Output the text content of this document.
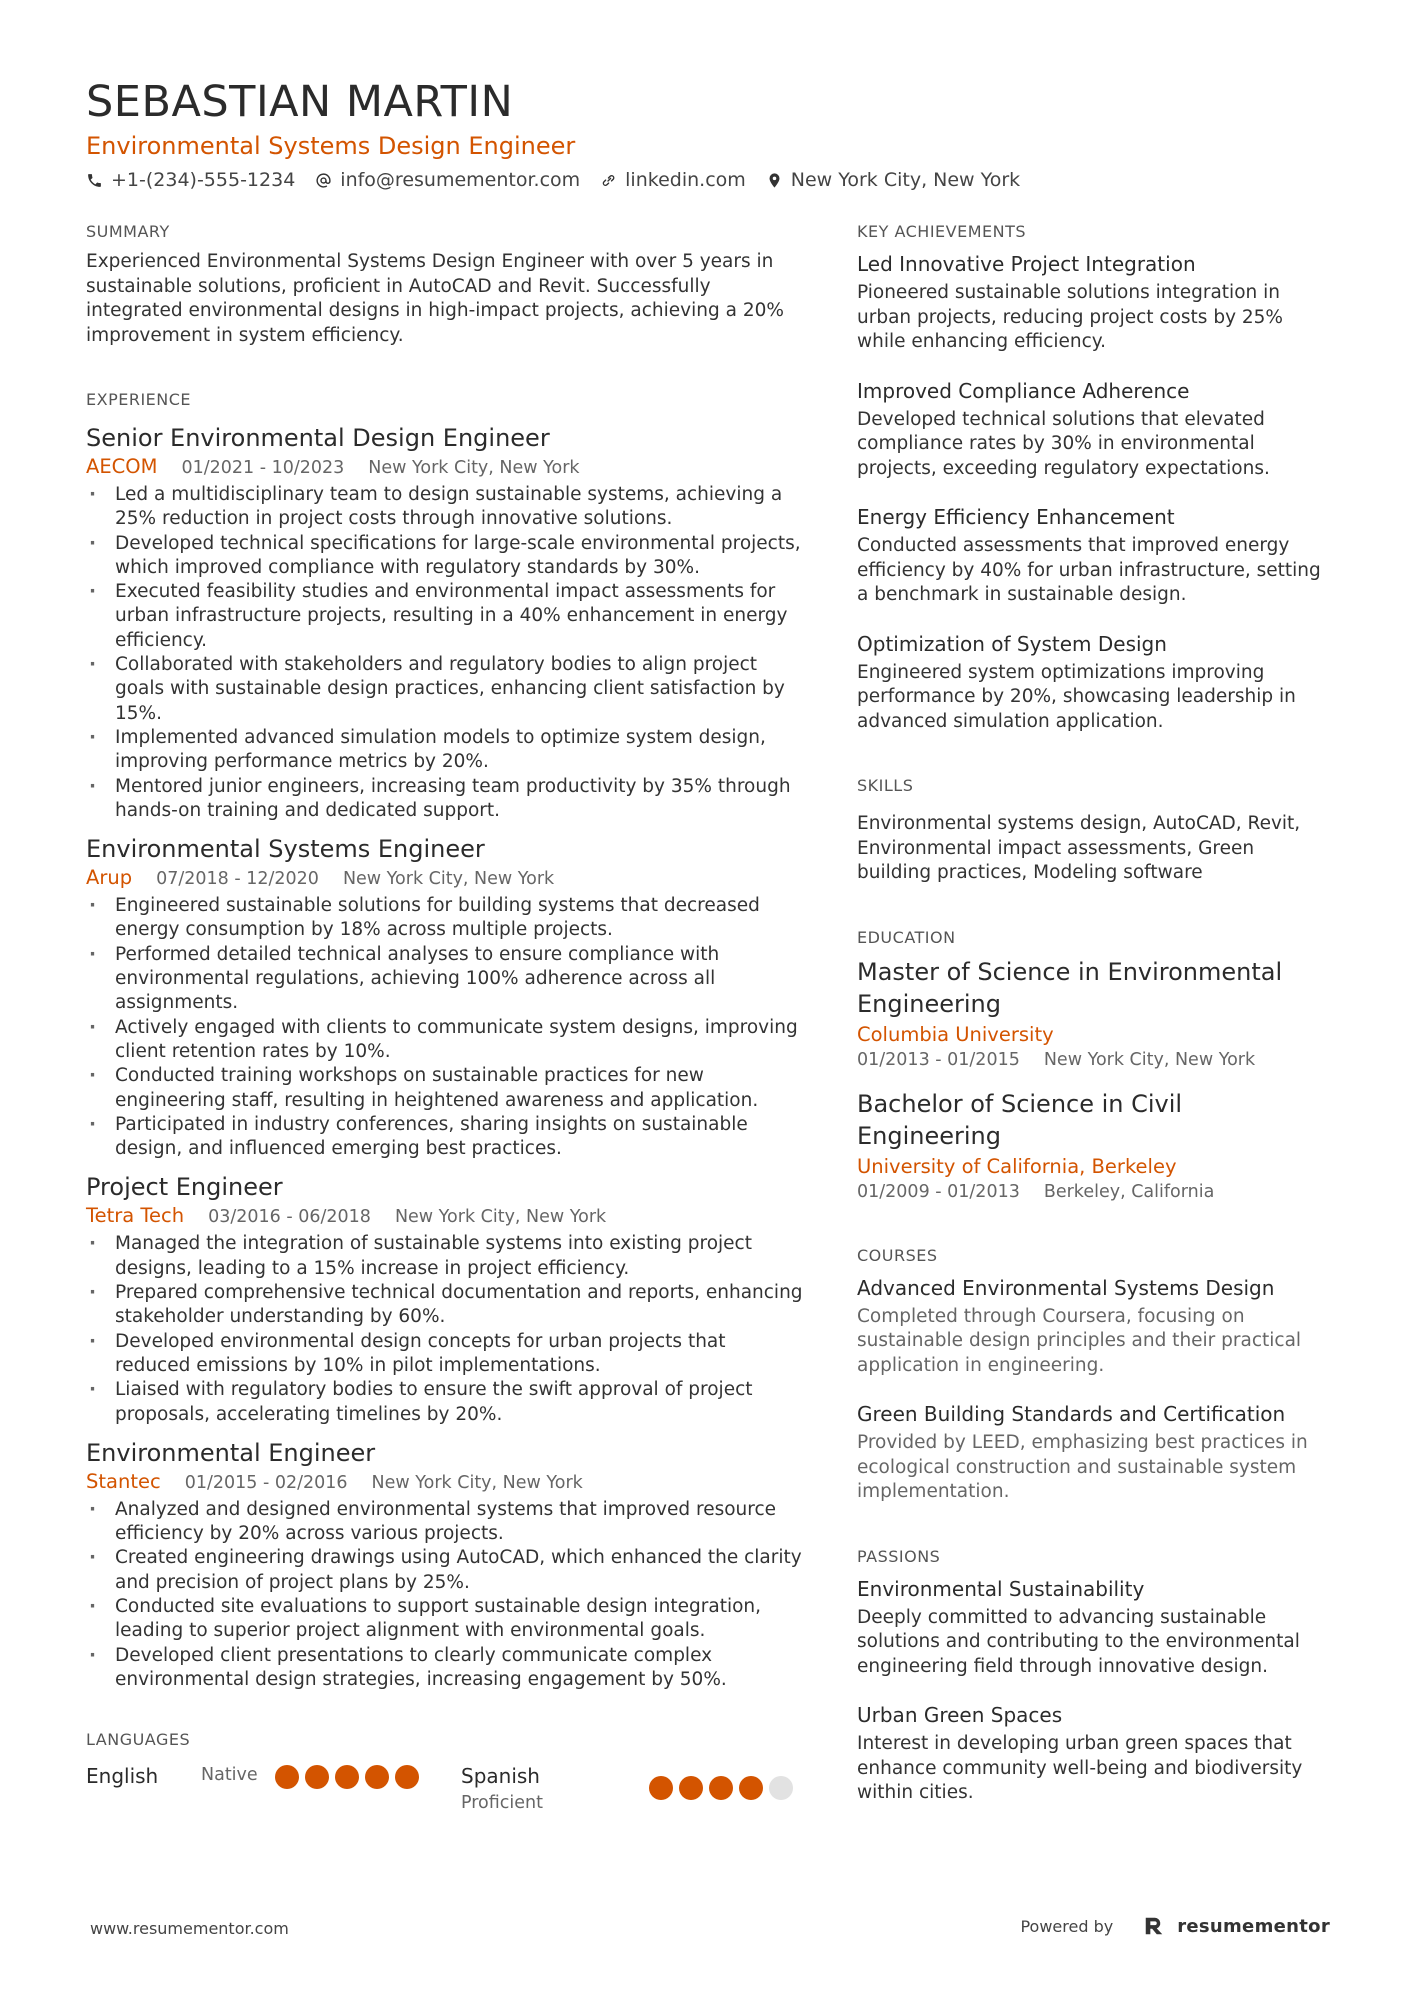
SEBASTIAN MARTIN
Environmental Systems Design Engineer
+1-(234)-555-1234 info@resumementor.com linkedin.com New York City, New York
SUMMARY
Experienced Environmental Systems Design Engineer with over 5 years in sustainable solutions, proficient in AutoCAD and Revit. Successfully integrated environmental designs in high-impact projects, achieving a 20% improvement in system efficiency.
EXPERIENCE
Senior Environmental Design Engineer
AECOM 01/2021 - 10/2023 New York City, New York
· Led a multidisciplinary team to design sustainable systems, achieving a 25% reduction in project costs through innovative solutions.
· Developed technical specifications for large-scale environmental projects, which improved compliance with regulatory standards by 30%.
· Executed feasibility studies and environmental impact assessments for urban infrastructure projects, resulting in a 40% enhancement in energy efficiency.
· Collaborated with stakeholders and regulatory bodies to align project goals with sustainable design practices, enhancing client satisfaction by 15%.
· Implemented advanced simulation models to optimize system design, improving performance metrics by 20%.
· Mentored junior engineers, increasing team productivity by 35% through hands-on training and dedicated support.
Environmental Systems Engineer
Arup 07/2018 - 12/2020 New York City, New York
· Engineered sustainable solutions for building systems that decreased energy consumption by 18% across multiple projects.
· Performed detailed technical analyses to ensure compliance with environmental regulations, achieving 100% adherence across all assignments.
· Actively engaged with clients to communicate system designs, improving client retention rates by 10%.
· Conducted training workshops on sustainable practices for new engineering staff, resulting in heightened awareness and application.
· Participated in industry conferences, sharing insights on sustainable design, and influenced emerging best practices.
Project Engineer
Tetra Tech 03/2016 - 06/2018 New York City, New York
· Managed the integration of sustainable systems into existing project designs, leading to a 15% increase in project efficiency.
· Prepared comprehensive technical documentation and reports, enhancing stakeholder understanding by 60%.
· Developed environmental design concepts for urban projects that reduced emissions by 10% in pilot implementations.
· Liaised with regulatory bodies to ensure the swift approval of project proposals, accelerating timelines by 20%.
Environmental Engineer
Stantec 01/2015 - 02/2016 New York City, New York
· Analyzed and designed environmental systems that improved resource efficiency by 20% across various projects.
· Created engineering drawings using AutoCAD, which enhanced the clarity and precision of project plans by 25%.
· Conducted site evaluations to support sustainable design integration, leading to superior project alignment with environmental goals.
· Developed client presentations to clearly communicate complex environmental design strategies, increasing engagement by 50%.
LANGUAGES
English	Native	Spanish
Proficient
KEY ACHIEVEMENTS
Led Innovative Project Integration
Pioneered sustainable solutions integration in urban projects, reducing project costs by 25% while enhancing efficiency.
Improved Compliance Adherence
Developed technical solutions that elevated compliance rates by 30% in environmental projects, exceeding regulatory expectations.
Energy Efficiency Enhancement
Conducted assessments that improved energy efficiency by 40% for urban infrastructure, setting a benchmark in sustainable design.
Optimization of System Design
Engineered system optimizations improving performance by 20%, showcasing leadership in advanced simulation application.
SKILLS
Environmental systems design, AutoCAD, Revit, Environmental impact assessments, Green building practices, Modeling software
EDUCATION
Master of Science in Environmental Engineering
Columbia University
01/2013 - 01/2015 New York City, New York
Bachelor of Science in Civil Engineering
University of California, Berkeley
01/2009 - 01/2013 Berkeley, California
COURSES
Advanced Environmental Systems Design
Completed through Coursera, focusing on sustainable design principles and their practical application in engineering.
Green Building Standards and Certification
Provided by LEED, emphasizing best practices in ecological construction and sustainable system implementation.
PASSIONS
Environmental Sustainability
Deeply committed to advancing sustainable solutions and contributing to the environmental engineering field through innovative design.
Urban Green Spaces
Interest in developing urban green spaces that enhance community well-being and biodiversity within cities.
www.resumementor.com	Powered by	resumementor
